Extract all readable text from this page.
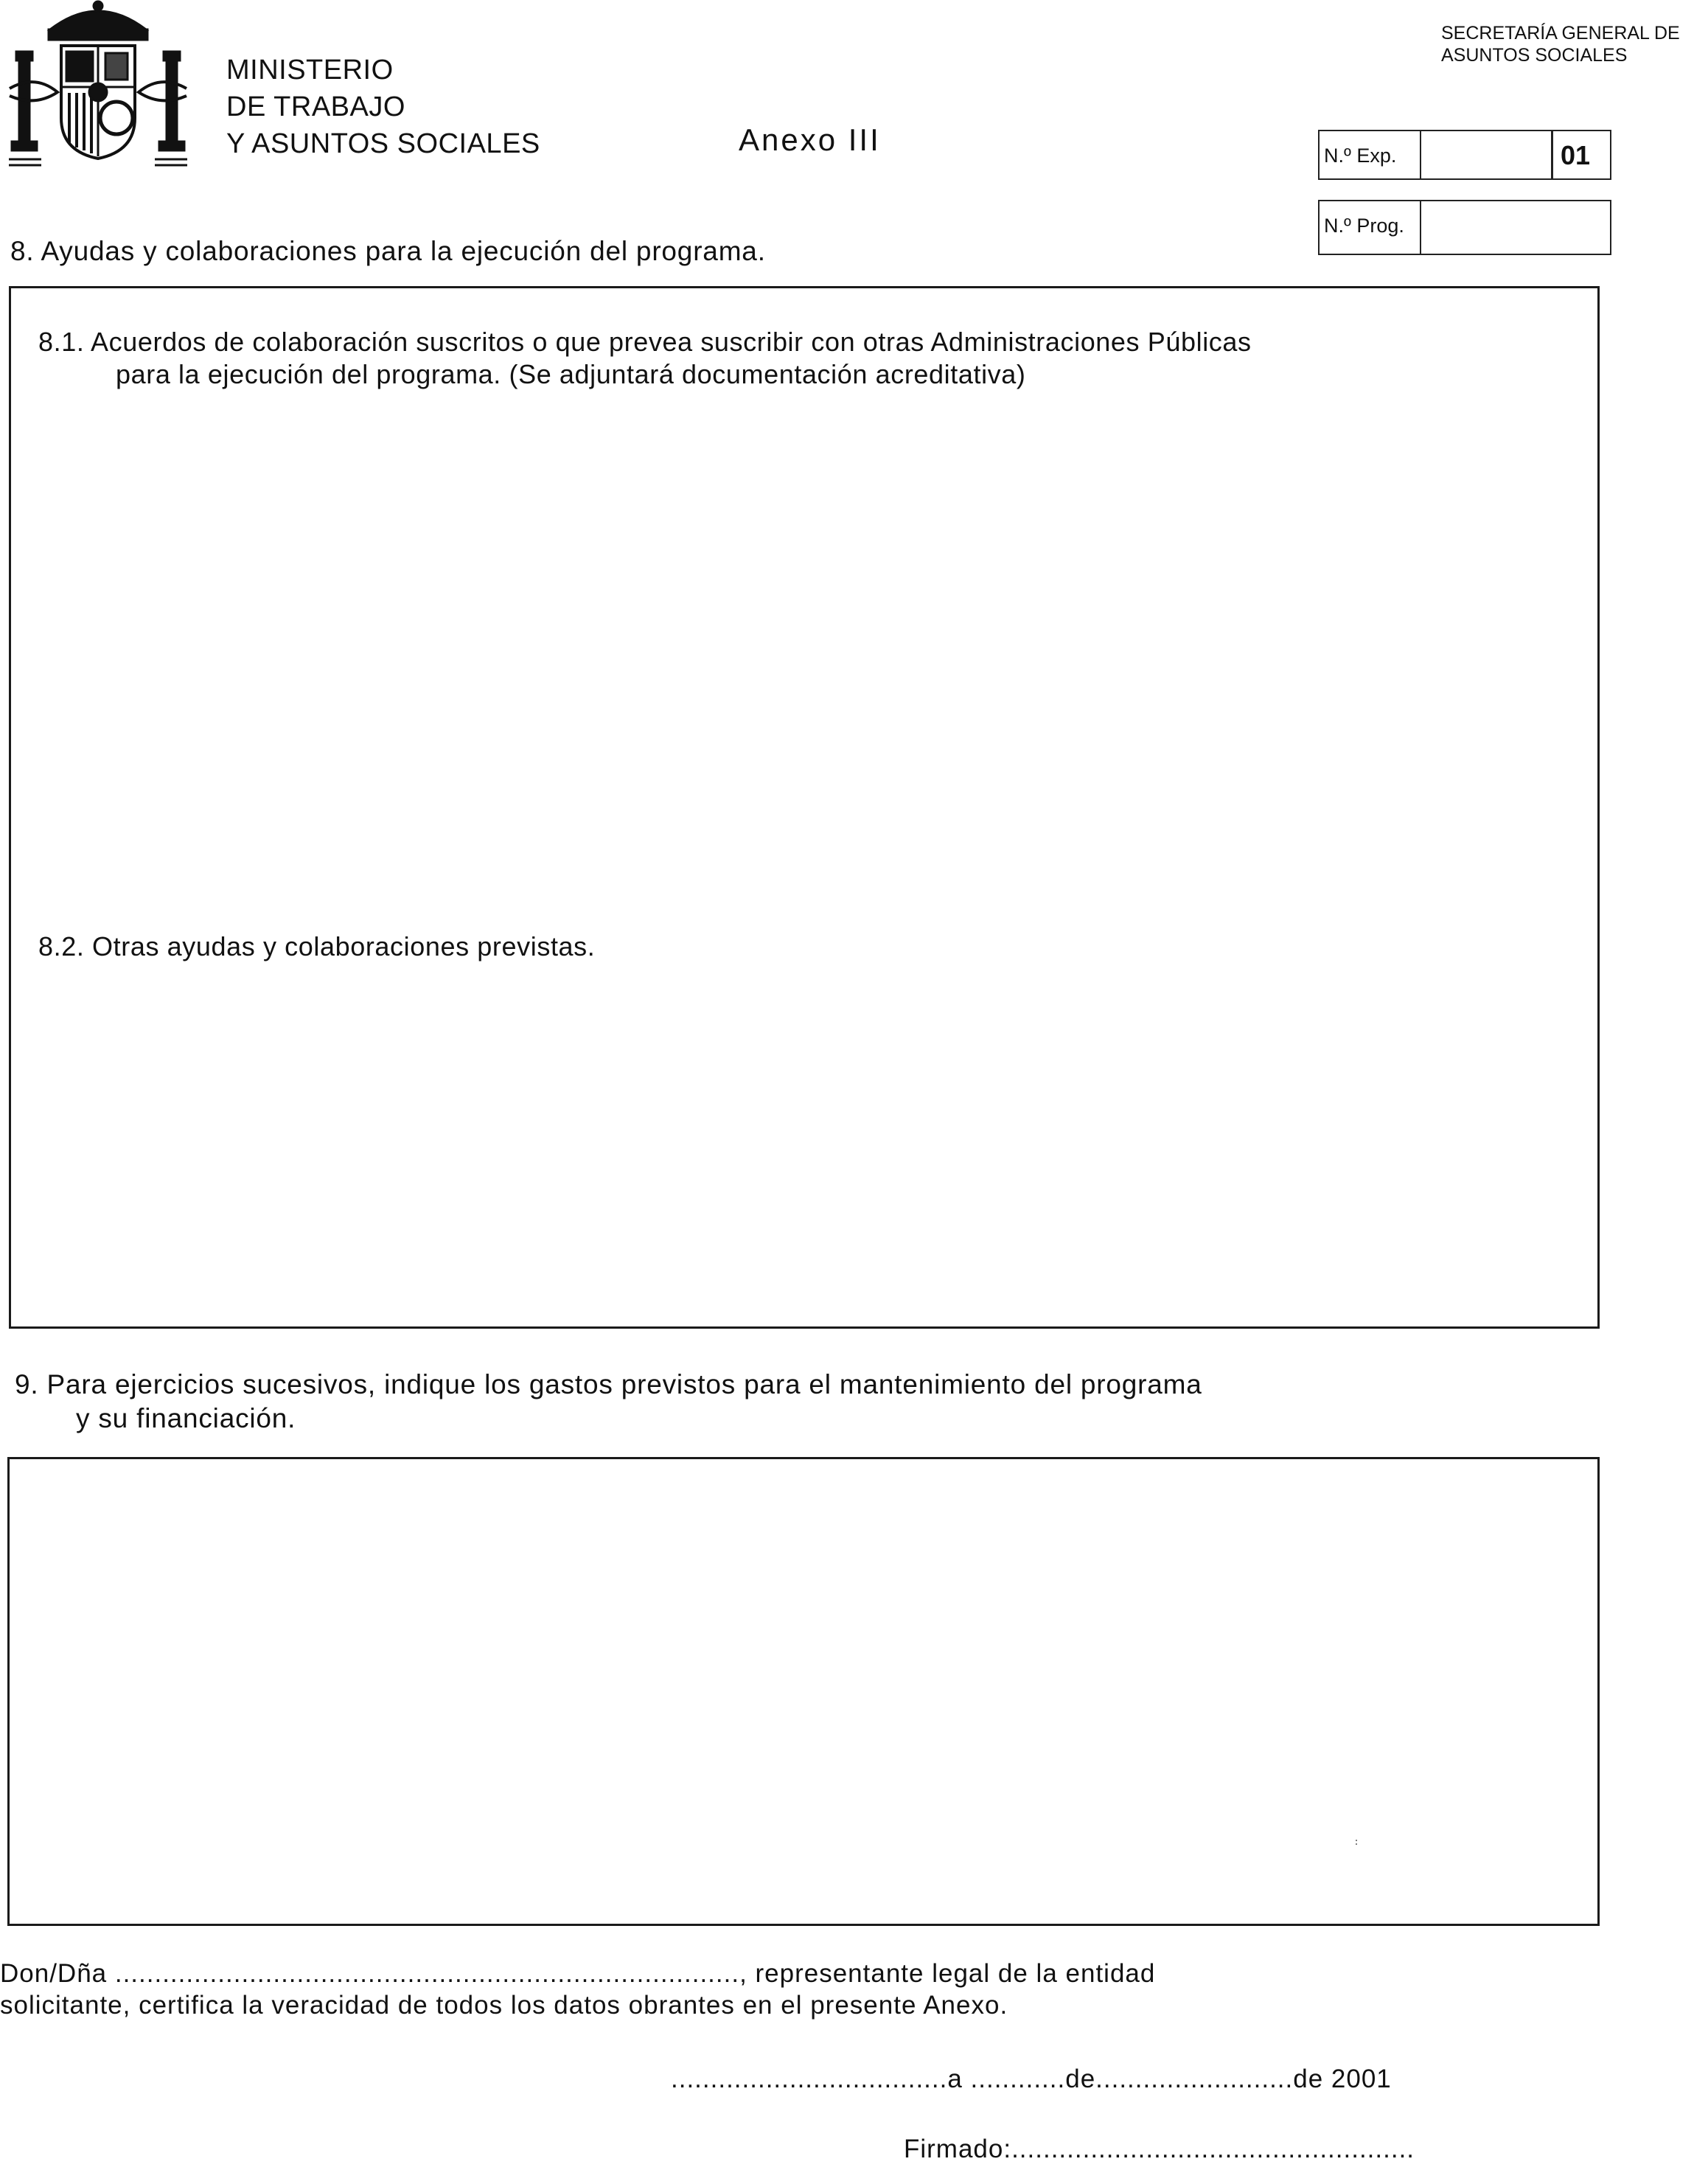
MINISTERIO
DE TRABAJO
Y ASUNTOS SOCIALES	Anexo III
SECRETARÍA GENERAL DE
ASUNTOS SOCIALES
N.º Exp.	01
N.º Prog.
8. Ayudas y colaboraciones para la ejecución del programa.
8.1. Acuerdos de colaboración suscritos o que prevea suscribir con otras Administraciones Públicas
para la ejecución del programa. (Se adjuntará documentación acreditativa)
8.2. Otras ayudas y colaboraciones previstas.
9. Para ejercicios sucesivos, indique los gastos previstos para el mantenimiento del programa
y su financiación.
Don/Dña ..............................................................................., representante legal de la entidad
solicitante, certifica la veracidad de todos los datos obrantes en el presente Anexo.
...................................a ............de.........................de 2001
Firmado:...................................................
